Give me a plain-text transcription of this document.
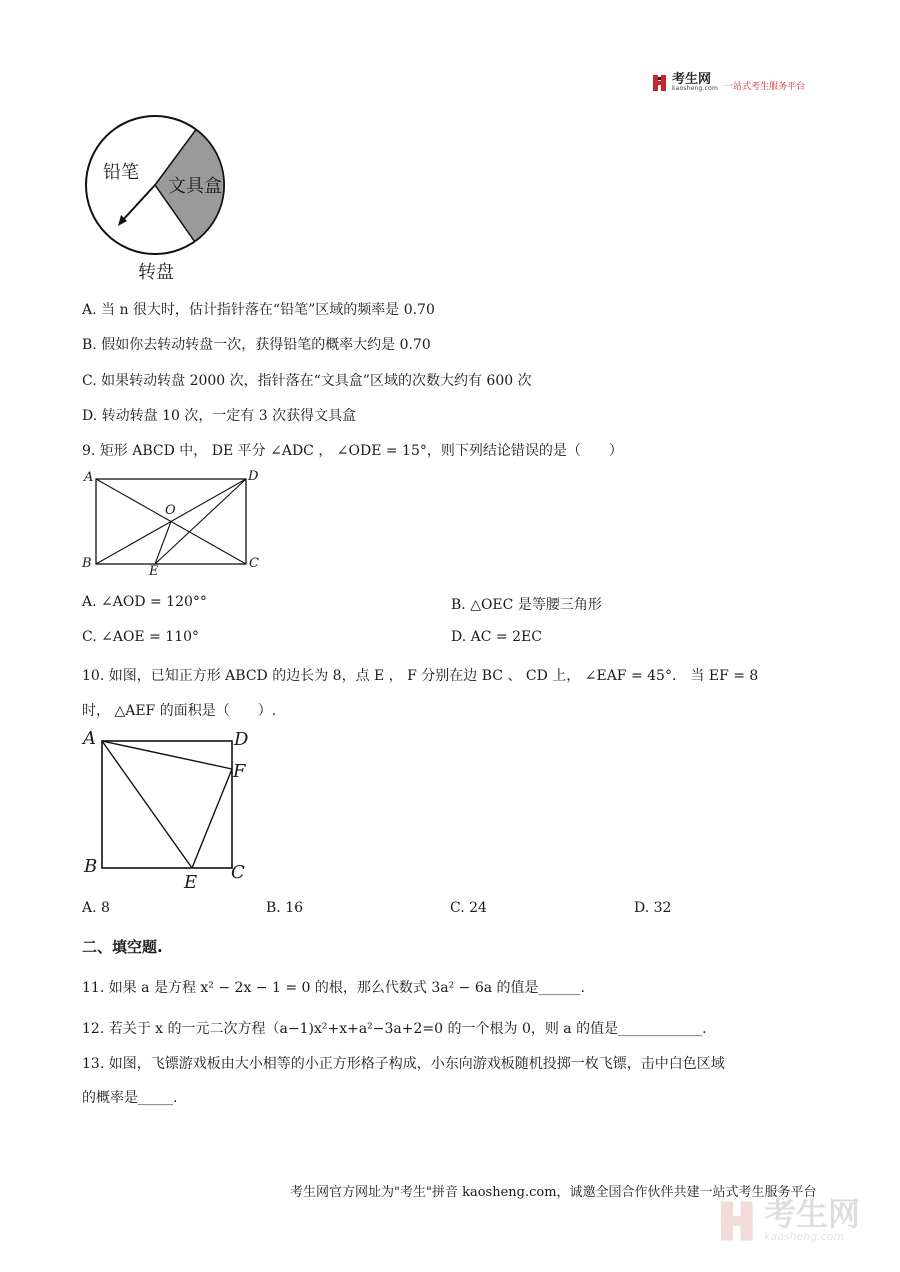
考生网
kaosheng.com 一站式考生服务平台
铅笔
文具盒
转盘
A. 当 n 很大时，估计指针落在“铅笔”区域的频率是 0.70
B. 假如你去转动转盘一次，获得铅笔的概率大约是 0.70
C. 如果转动转盘 2000 次，指针落在“文具盒”区域的次数大约有 600 次
D. 转动转盘 10 次，一定有 3 次获得文具盒
9. 矩形 ABCD 中， DE 平分 ∠ADC ， ∠ODE = 15°，则下列结论错误的是（　　）
A	D
O
B	C
E
A. ∠AOD = 120°°	B. △OEC 是等腰三角形
C. ∠AOE = 110°	D. AC = 2EC
10. 如图，已知正方形 ABCD 的边长为 8，点 E ， F 分别在边 BC 、 CD 上， ∠EAF = 45°． 当 EF = 8
时， △AEF 的面积是（　　）.
A	D
F
B
E C
A. 8	B. 16	C. 24	D. 32
二、填空题.
11. 如果 a 是方程 x² − 2x − 1 = 0 的根，那么代数式 3a² − 6a 的值是______.
12. 若关于 x 的一元二次方程（a−1)x²+x+a²−3a+2=0 的一个根为 0，则 a 的值是____________.
13. 如图，飞镖游戏板由大小相等的小正方形格子构成，小东向游戏板随机投掷一枚飞镖，击中白色区域
的概率是_____.
考生网官方网址为"考生"拼音 kaosheng.com，诚邀全国合作伙伴共建一站式考生服务平台
考生网
kaosheng.com
